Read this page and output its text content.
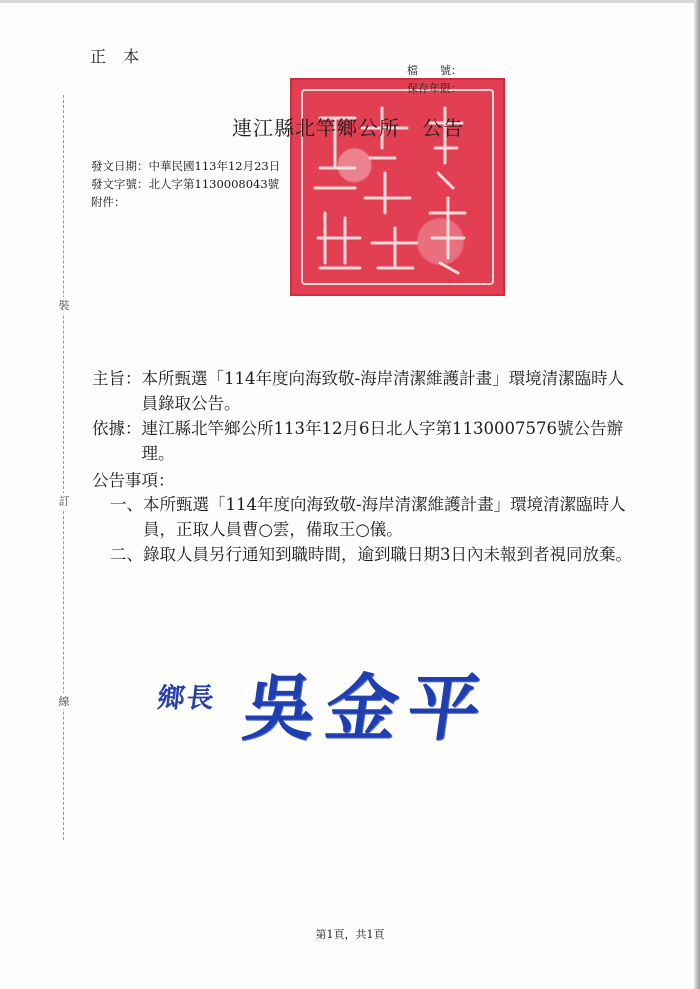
裝
訂
線
正 本
檔　　號：
保存年限：
連江縣北竿鄉公所 公告
發文日期：中華民國113年12月23日
發文字號：北人字第1130008043號
附件：
主旨： 本所甄選「114年度向海致敬-海岸清潔維護計畫」環境清潔臨時人員錄取公告。
依據： 連江縣北竿鄉公所113年12月6日北人字第1130007576號公告辦理。
公告事項：
一、 本所甄選「114年度向海致敬-海岸清潔維護計畫」環境清潔臨時人員，正取人員曹○雲，備取王○儀。
二、 錄取人員另行通知到職時間，逾到職日期3日內未報到者視同放棄。
鄉長 吳金平
第1頁，共1頁
